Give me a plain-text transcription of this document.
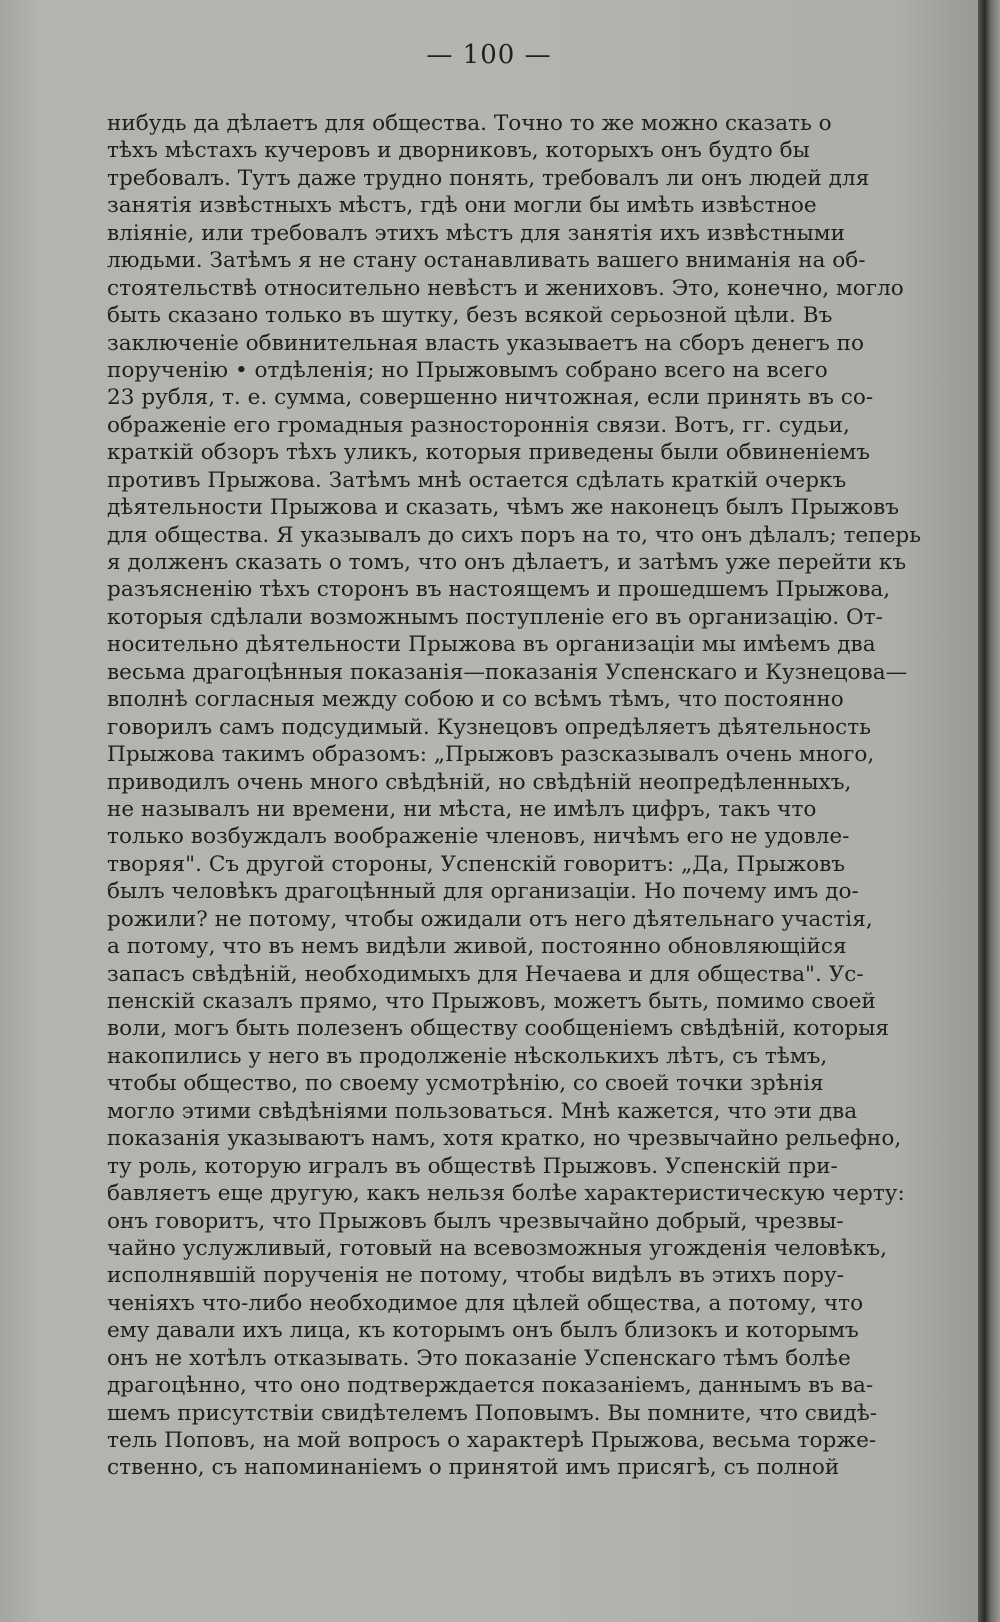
— 100 —
нибудь да дѣлаетъ для общества. Точно то же можно сказать о
тѣхъ мѣстахъ кучеровъ и дворниковъ, которыхъ онъ будто бы
требовалъ. Тутъ даже трудно понять, требовалъ ли онъ людей для
занятія извѣстныхъ мѣстъ, гдѣ они могли бы имѣть извѣстное
вліяніе, или требовалъ этихъ мѣстъ для занятія ихъ извѣстными
людьми. Затѣмъ я не стану останавливать вашего вниманія на об-
стоятельствѣ относительно невѣстъ и жениховъ. Это, конечно, могло
быть сказано только въ шутку, безъ всякой серьозной цѣли. Въ
заключеніе обвинительная власть указываетъ на сборъ денегъ по
порученію • отдѣленія; но Прыжовымъ собрано всего на всего
23 рубля, т. е. сумма, совершенно ничтожная, если принять въ со-
ображеніе его громадныя разностороннія связи. Вотъ, гг. судьи,
краткій обзоръ тѣхъ уликъ, которыя приведены были обвиненіемъ
противъ Прыжова. Затѣмъ мнѣ остается сдѣлать краткій очеркъ
дѣятельности Прыжова и сказать, чѣмъ же наконецъ былъ Прыжовъ
для общества. Я указывалъ до сихъ поръ на то, что онъ дѣлалъ; теперь
я долженъ сказать о томъ, что онъ дѣлаетъ, и затѣмъ уже перейти къ
разъясненію тѣхъ сторонъ въ настоящемъ и прошедшемъ Прыжова,
которыя сдѣлали возможнымъ поступленіе его въ организацію. От-
носительно дѣятельности Прыжова въ организаціи мы имѣемъ два
весьма драгоцѣнныя показанія—показанія Успенскаго и Кузнецова—
вполнѣ согласныя между собою и со всѣмъ тѣмъ, что постоянно
говорилъ самъ подсудимый. Кузнецовъ опредѣляетъ дѣятельность
Прыжова такимъ образомъ: „Прыжовъ разсказывалъ очень много,
приводилъ очень много свѣдѣній, но свѣдѣній неопредѣленныхъ,
не называлъ ни времени, ни мѣста, не имѣлъ цифръ, такъ что
только возбуждалъ воображеніе членовъ, ничѣмъ его не удовле-
творяя". Съ другой стороны, Успенскій говоритъ: „Да, Прыжовъ
былъ человѣкъ драгоцѣнный для организаціи. Но почему имъ до-
рожили? не потому, чтобы ожидали отъ него дѣятельнаго участія,
а потому, что въ немъ видѣли живой, постоянно обновляющійся
запасъ свѣдѣній, необходимыхъ для Нечаева и для общества". Ус-
пенскій сказалъ прямо, что Прыжовъ, можетъ быть, помимо своей
воли, могъ быть полезенъ обществу сообщеніемъ свѣдѣній, которыя
накопились у него въ продолженіе нѣсколькихъ лѣтъ, съ тѣмъ,
чтобы общество, по своему усмотрѣнію, со своей точки зрѣнія
могло этими свѣдѣніями пользоваться. Мнѣ кажется, что эти два
показанія указываютъ намъ, хотя кратко, но чрезвычайно рельефно,
ту роль, которую игралъ въ обществѣ Прыжовъ. Успенскій при-
бавляетъ еще другую, какъ нельзя болѣе характеристическую черту:
онъ говоритъ, что Прыжовъ былъ чрезвычайно добрый, чрезвы-
чайно услужливый, готовый на всевозможныя угожденія человѣкъ,
исполнявшій порученія не потому, чтобы видѣлъ въ этихъ пору-
ченіяхъ что-либо необходимое для цѣлей общества, а потому, что
ему давали ихъ лица, къ которымъ онъ былъ близокъ и которымъ
онъ не хотѣлъ отказывать. Это показаніе Успенскаго тѣмъ болѣе
драгоцѣнно, что оно подтверждается показаніемъ, даннымъ въ ва-
шемъ присутствіи свидѣтелемъ Поповымъ. Вы помните, что свидѣ-
тель Поповъ, на мой вопросъ о характерѣ Прыжова, весьма торже-
ственно, съ напоминаніемъ о принятой имъ присягѣ, съ полной
